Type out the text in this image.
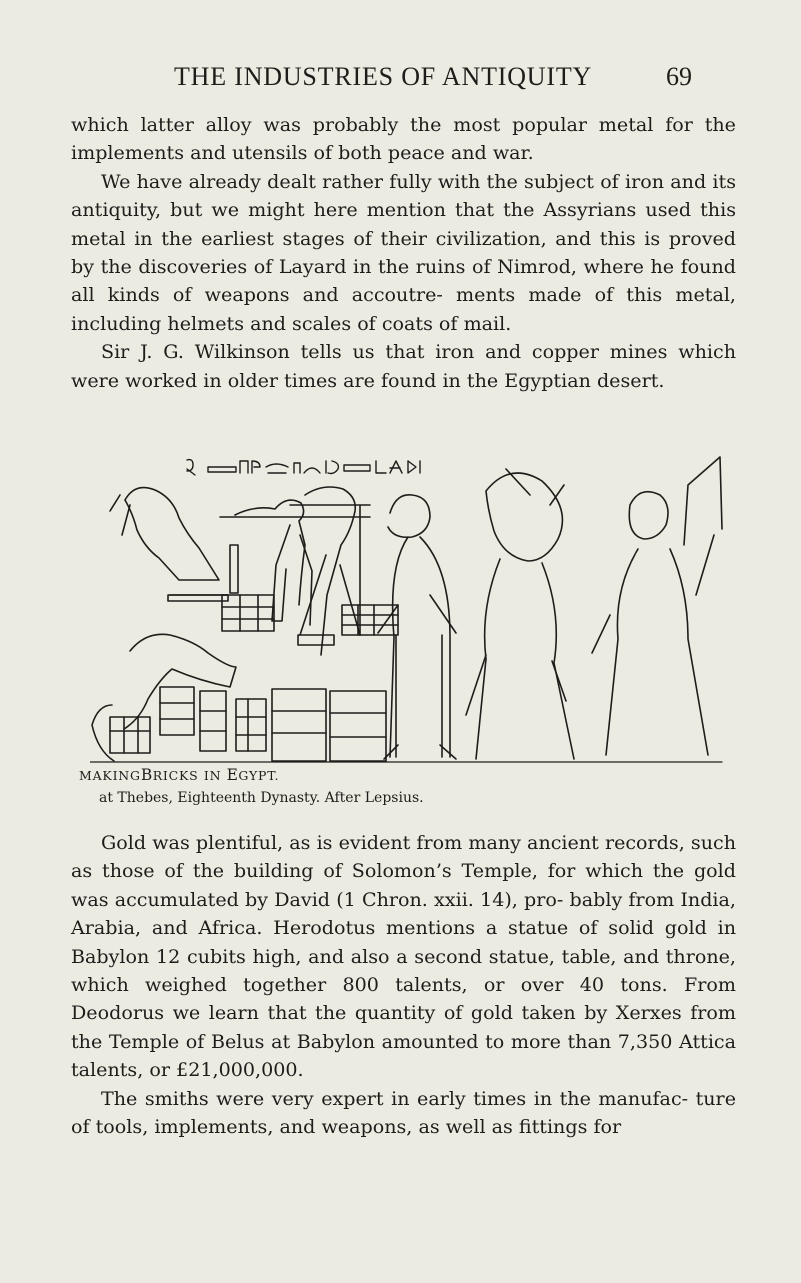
THE INDUSTRIES OF ANTIQUITY	69

which latter alloy was probably the most popular metal for the implements and utensils of both peace and war.

We have already dealt rather fully with the subject of iron and its antiquity, but we might here mention that the Assyrians used this metal in the earliest stages of their civilization, and this is proved by the discoveries of Layard in the ruins of Nimrod, where he found all kinds of weapons and accoutre- ments made of this metal, including helmets and scales of coats of mail.

Sir J. G. Wilkinson tells us that iron and copper mines which were worked in older times are found in the Egyptian desert.

MAKINGBRICKS IN EGYPT.
at Thebes, Eighteenth Dynasty. After Lepsius.

Gold was plentiful, as is evident from many ancient records, such as those of the building of Solomon’s Temple, for which the gold was accumulated by David (1 Chron. xxii. 14), pro- bably from India, Arabia, and Africa. Herodotus mentions a statue of solid gold in Babylon 12 cubits high, and also a second statue, table, and throne, which weighed together 800 talents, or over 40 tons. From Deodorus we learn that the quantity of gold taken by Xerxes from the Temple of Belus at Babylon amounted to more than 7,350 Attica talents, or £21,000,000.

The smiths were very expert in early times in the manufac- ture of tools, implements, and weapons, as well as fittings for
